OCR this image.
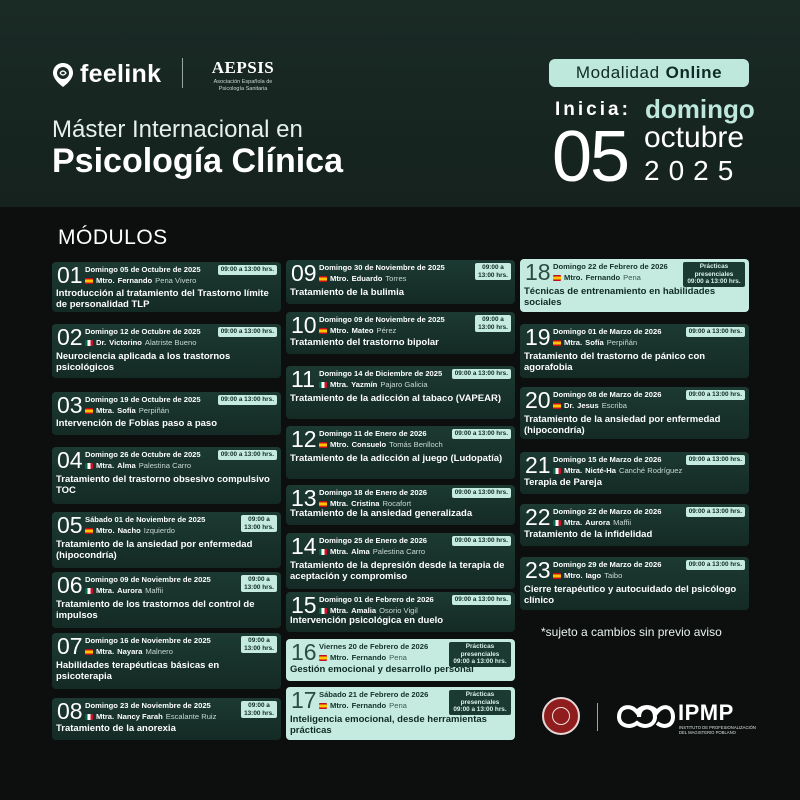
feelink	AEPSIS
Asociación Española de Psicología Sanitaria
Máster Internacional en
Psicología Clínica
Modalidad Online
Inicia: domingo
05 octubre
2025
MÓDULOS
01 Domingo 05 de Octubre de 2025
Mtro. Fernando Pena Vivero
09:00 a 13:00 hrs.
Introducción al tratamiento del Trastorno límite de personalidad TLP
02 Domingo 12 de Octubre de 2025
Dr. Victorino Alatriste Bueno
09:00 a 13:00 hrs.
Neurociencia aplicada a los trastornos psicológicos
03 Domingo 19 de Octubre de 2025
Mtra. Sofía Perpiñán
09:00 a 13:00 hrs.
Intervención de Fobias paso a paso
04 Domingo 26 de Octubre de 2025
Mtra. Alma Palestina Carro
09:00 a 13:00 hrs.
Tratamiento del trastorno obsesivo compulsivo TOC
05 Sábado 01 de Noviembre de 2025
Mtro. Nacho Izquierdo
09:00 a 13:00 hrs.
Tratamiento de la ansiedad por enfermedad (hipocondría)
06 Domingo 09 de Noviembre de 2025
Mtra. Aurora Maffii
09:00 a 13:00 hrs.
Tratamiento de los trastornos del control de impulsos
07 Domingo 16 de Noviembre de 2025
Mtra. Nayara Malnero
09:00 a 13:00 hrs.
Habilidades terapéuticas básicas en psicoterapia
08 Domingo 23 de Noviembre de 2025
Mtra. Nancy Farah Escalante Ruiz
09:00 a 13:00 hrs.
Tratamiento de la anorexia
09 Domingo 30 de Noviembre de 2025
Mtro. Eduardo Torres
09:00 a 13:00 hrs.
Tratamiento de la bulimia
10 Domingo 09 de Noviembre de 2025
Mtro. Mateo Pérez
09:00 a 13:00 hrs.
Tratamiento del trastorno bipolar
11 Domingo 14 de Diciembre de 2025
Mtra. Yazmín Pajaro Galicia
09:00 a 13:00 hrs.
Tratamiento de la adicción al tabaco (VAPEAR)
12 Domingo 11 de Enero de 2026
Mtro. Consuelo Tomás Benlloch
09:00 a 13:00 hrs.
Tratamiento de la adicción al juego (Ludopatía)
13 Domingo 18 de Enero de 2026
Mtra. Cristina Rocafort
09:00 a 13:00 hrs.
Tratamiento de la ansiedad generalizada
14 Domingo 25 de Enero de 2026
Mtra. Alma Palestina Carro
09:00 a 13:00 hrs.
Tratamiento de la depresión desde la terapia de aceptación y compromiso
15 Domingo 01 de Febrero de 2026
Mtra. Amalia Osorio Vigil
09:00 a 13:00 hrs.
Intervención psicológica en duelo
16 Viernes 20 de Febrero de 2026
Mtro. Fernando Pena
Prácticas presenciales 09:00 a 13:00 hrs.
Gestión emocional y desarrollo personal
17 Sábado 21 de Febrero de 2026
Mtro. Fernando Pena
Prácticas presenciales 09:00 a 13:00 hrs.
Inteligencia emocional, desde herramientas prácticas
18 Domingo 22 de Febrero de 2026
Mtro. Fernando Pena
Prácticas presenciales 09:00 a 13:00 hrs.
Técnicas de entrenamiento en habilidades sociales
19 Domingo 01 de Marzo de 2026
Mtra. Sofía Perpiñán
09:00 a 13:00 hrs.
Tratamiento del trastorno de pánico con agorafobia
20 Domingo 08 de Marzo de 2026
Dr. Jesus Escriba
09:00 a 13:00 hrs.
Tratamiento de la ansiedad por enfermedad (hipocondría)
21 Domingo 15 de Marzo de 2026
Mtra. Nicté-Ha Canché Rodríguez
09:00 a 13:00 hrs.
Terapia de Pareja
22 Domingo 22 de Marzo de 2026
Mtra. Aurora Maffii
09:00 a 13:00 hrs.
Tratamiento de la infidelidad
23 Domingo 29 de Marzo de 2026
Mtro. Iago Taibo
09:00 a 13:00 hrs.
Cierre terapéutico y autocuidado del psicólogo clínico
*sujeto a cambios sin previo aviso
IPMP
INSTITUTO DE PROFESIONALIZACIÓN DEL MAGISTERIO POBLANO
